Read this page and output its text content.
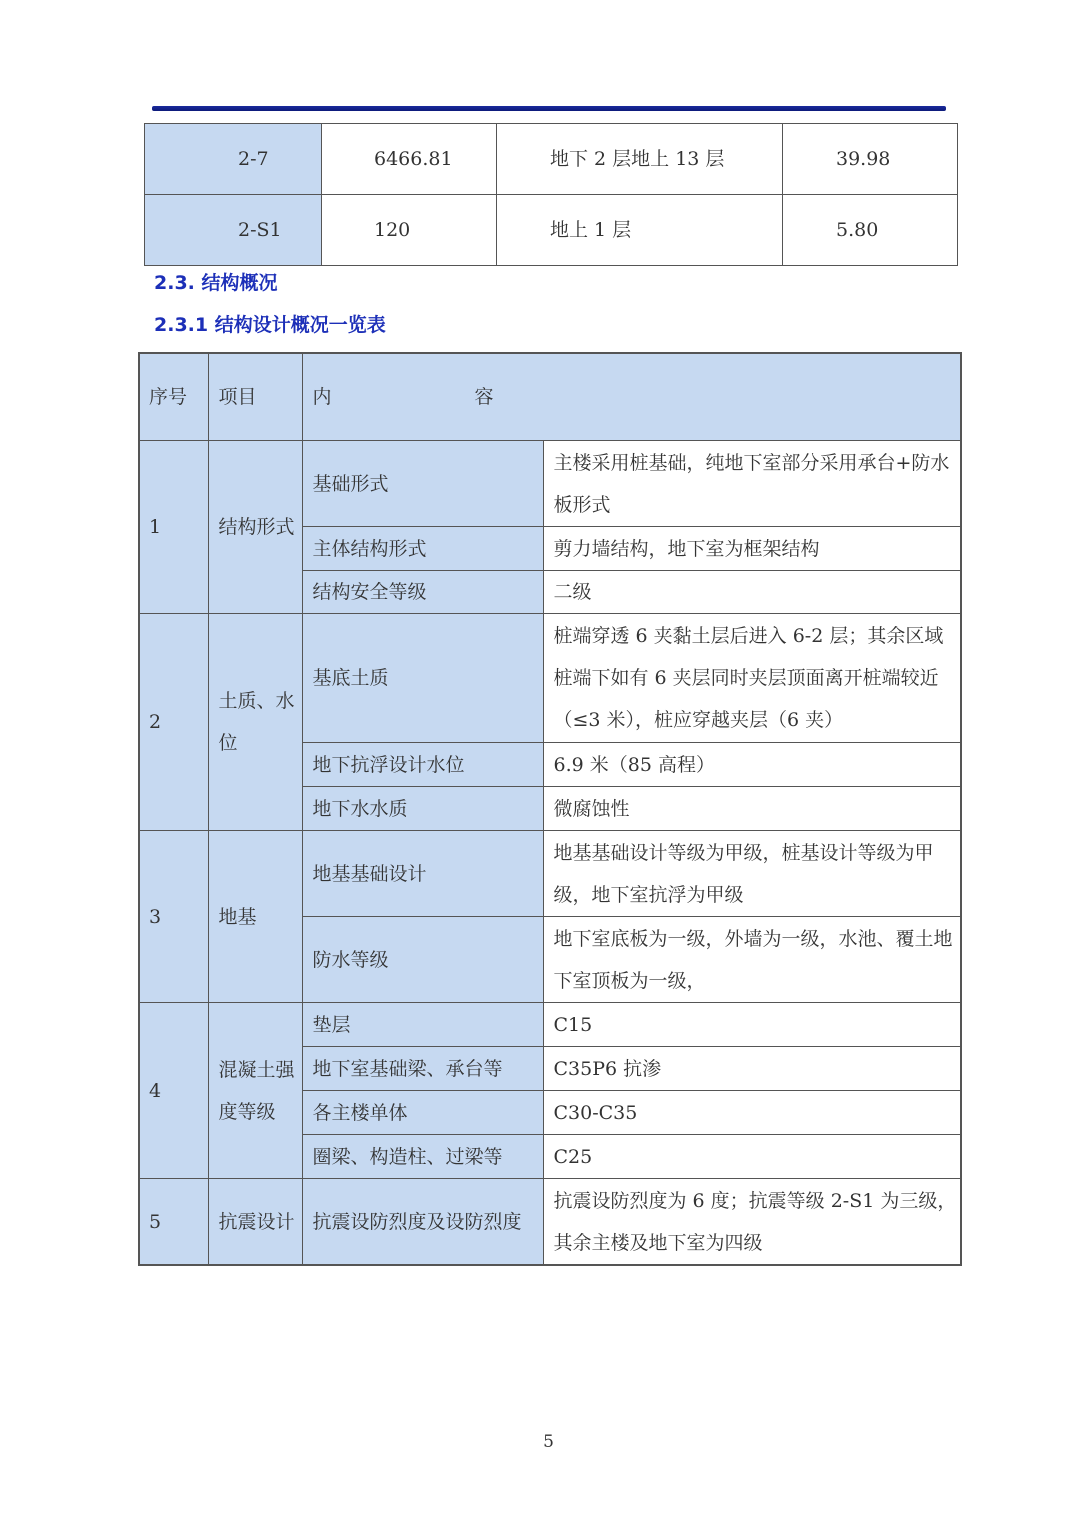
2-7	6466.81	地下 2 层地上 13 层	39.98
2-S1	120	地上 1 层	5.80
2.3. 结构概况
2.3.1 结构设计概况一览表
序号	项目	内 容	
1	结构形式	基础形式	主楼采用桩基础，纯地下室部分采用承台+防水板形式
		主体结构形式	剪力墙结构，地下室为框架结构
		结构安全等级	二级
2	土质、水位	基底土质	桩端穿透 6 夹黏土层后进入 6-2 层；其余区域桩端下如有 6 夹层同时夹层顶面离开桩端较近（≤3 米），桩应穿越夹层（6 夹）
		地下抗浮设计水位	6.9 米（85 高程）
		地下水水质	微腐蚀性
3	地基	地基基础设计	地基基础设计等级为甲级，桩基设计等级为甲级，地下室抗浮为甲级
		防水等级	地下室底板为一级，外墙为一级，水池、覆土地下室顶板为一级，
4	混凝土强度等级	垫层	C15
		地下室基础梁、承台等	C35P6 抗渗
		各主楼单体	C30-C35
		圈梁、构造柱、过梁等	C25
5	抗震设计	抗震设防烈度及设防烈度	抗震设防烈度为 6 度；抗震等级 2-S1 为三级，其余主楼及地下室为四级
5
